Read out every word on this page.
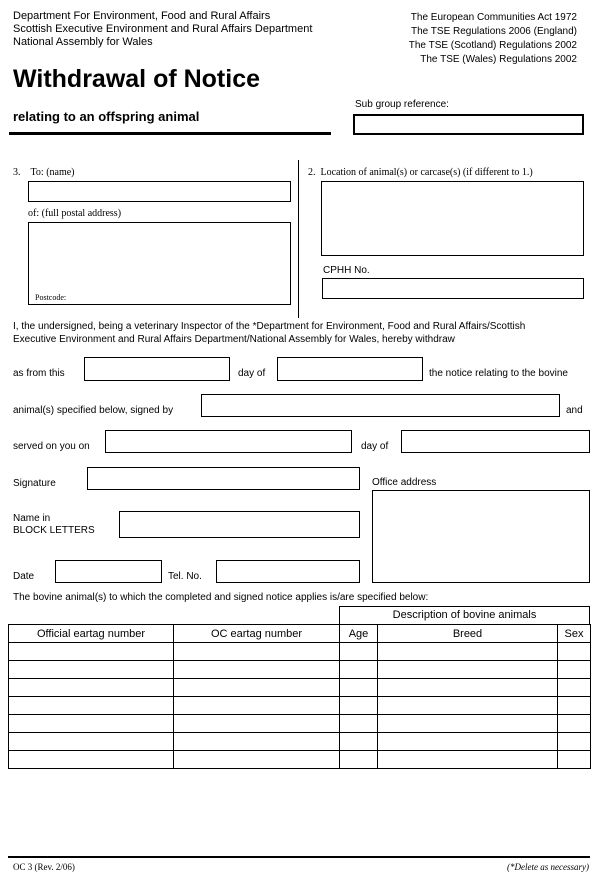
Department For Environment, Food and Rural Affairs
Scottish Executive Environment and Rural Affairs Department
National Assembly for Wales
The European Communities Act 1972
The TSE Regulations 2006 (England)
The TSE (Scotland) Regulations 2002
The TSE (Wales) Regulations 2002
Withdrawal of Notice
relating to an offspring animal
Sub group reference:
3.    To: (name)
of: (full postal address)
Postcode:
2.  Location of animal(s) or carcase(s) (if different to 1.)
CPHH No.
I, the undersigned, being a veterinary Inspector of the *Department for Environment, Food and Rural Affairs/Scottish
Executive Environment and Rural Affairs Department/National Assembly for Wales, hereby withdraw
as from this	day of	the notice relating to the bovine
animal(s) specified below, signed by	and
served on you on	day of
Signature	Office address
Name in
BLOCK LETTERS
Date	Tel. No.
The bovine animal(s) to which the completed and signed notice applies is/are specified below:
Description of bovine animals
Official eartag number	OC eartag number	Age	Breed	Sex

OC 3 (Rev. 2/06)	(*Delete as necessary)
